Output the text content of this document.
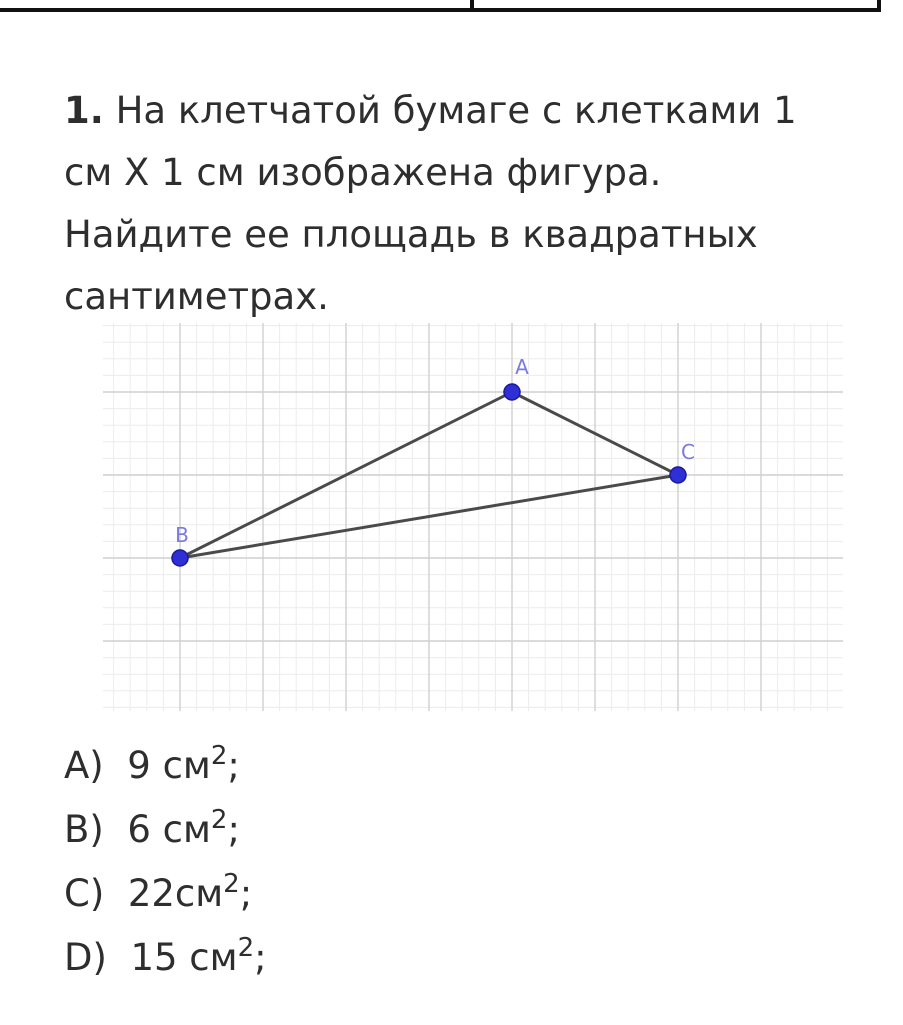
1. На клетчатой бумаге с клетками 1
см X 1 см изображена фигура.
Найдите ее площадь в квадратных
сантиметрах.
A
B
C
A)
9 см 2 ;
B)
6 см 2 ;
C)
22см 2 ;
D)
15 см 2 ;
